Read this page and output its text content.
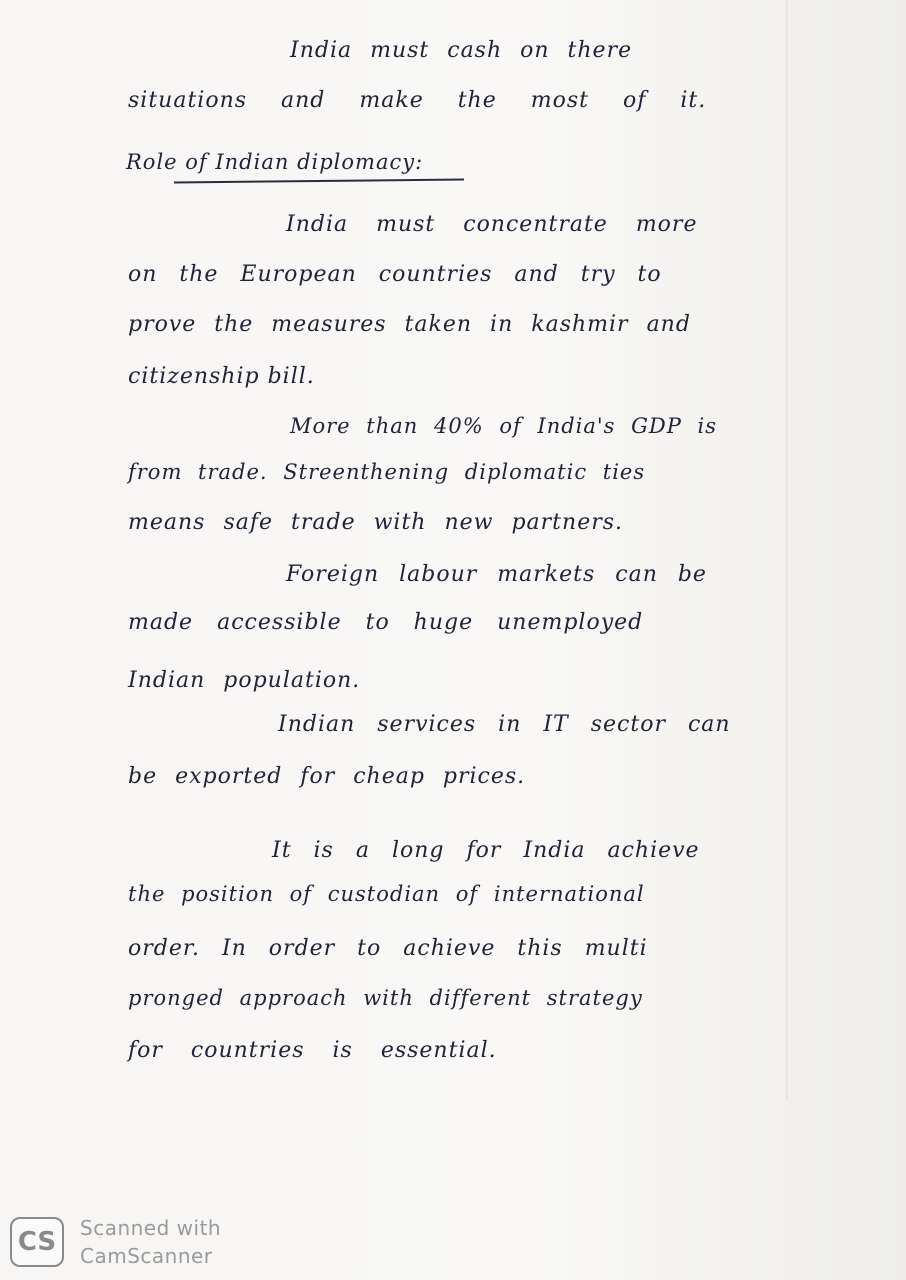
India must cash on there
situations and make the most of it.
Role of Indian diplomacy:
India must concentrate more
on the European countries and try to
prove the measures taken in kashmir and
citizenship bill.
More than 40% of India's GDP is
from trade. Streenthening diplomatic ties
means safe trade with new partners.
Foreign labour markets can be
made accessible to huge unemployed
Indian population.
Indian services in IT sector can
be exported for cheap prices.
It is a long for India achieve
the position of custodian of international
order. In order to achieve this multi
pronged approach with different strategy
for countries is essential.
CS	Scanned with
CamScanner
